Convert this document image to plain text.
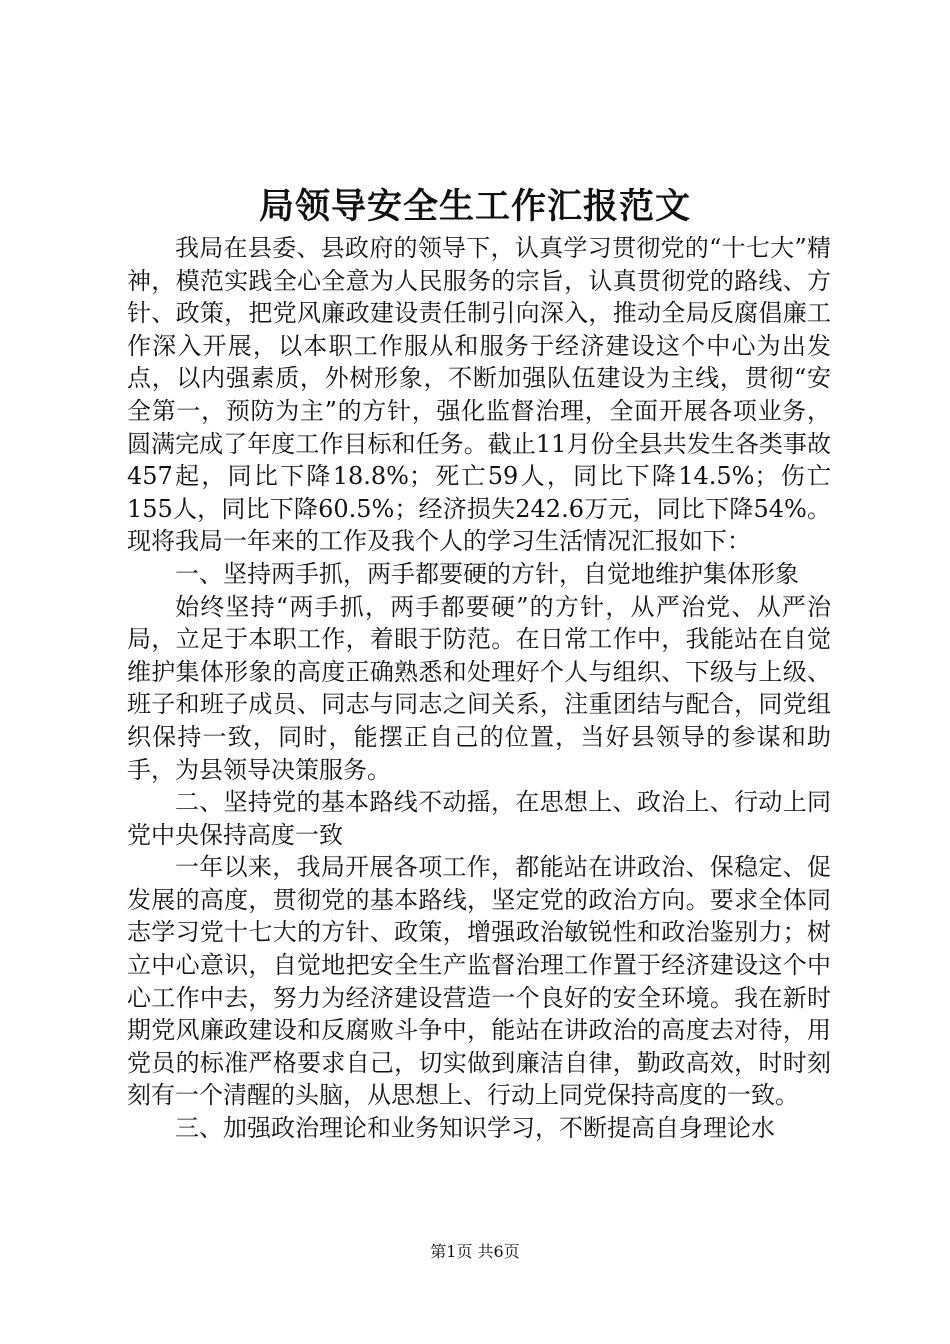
局领导安全生工作汇报范文

我局在县委、县政府的领导下，认真学习贯彻党的“十七大”精神，模范实践全心全意为人民服务的宗旨，认真贯彻党的路线、方针、政策，把党风廉政建设责任制引向深入，推动全局反腐倡廉工作深入开展，以本职工作服从和服务于经济建设这个中心为出发点，以内强素质，外树形象，不断加强队伍建设为主线，贯彻“安全第一，预防为主”的方针，强化监督治理，全面开展各项业务，圆满完成了年度工作目标和任务。截止11月份全县共发生各类事故457起，同比下降18.8%；死亡59人，同比下降14.5%；伤亡155人，同比下降60.5%；经济损失242.6万元，同比下降54%。现将我局一年来的工作及我个人的学习生活情况汇报如下：

一、坚持两手抓，两手都要硬的方针，自觉地维护集体形象

始终坚持“两手抓，两手都要硬”的方针，从严治党、从严治局，立足于本职工作，着眼于防范。在日常工作中，我能站在自觉维护集体形象的高度正确熟悉和处理好个人与组织、下级与上级、班子和班子成员、同志与同志之间关系，注重团结与配合，同党组织保持一致，同时，能摆正自己的位置，当好县领导的参谋和助手，为县领导决策服务。

二、坚持党的基本路线不动摇，在思想上、政治上、行动上同党中央保持高度一致

一年以来，我局开展各项工作，都能站在讲政治、保稳定、促发展的高度，贯彻党的基本路线，坚定党的政治方向。要求全体同志学习党十七大的方针、政策，增强政治敏锐性和政治鉴别力；树立中心意识，自觉地把安全生产监督治理工作置于经济建设这个中心工作中去，努力为经济建设营造一个良好的安全环境。我在新时期党风廉政建设和反腐败斗争中，能站在讲政治的高度去对待，用党员的标准严格要求自己，切实做到廉洁自律，勤政高效，时时刻刻有一个清醒的头脑，从思想上、行动上同党保持高度的一致。

三、加强政治理论和业务知识学习，不断提高自身理论水

第1页 共6页
